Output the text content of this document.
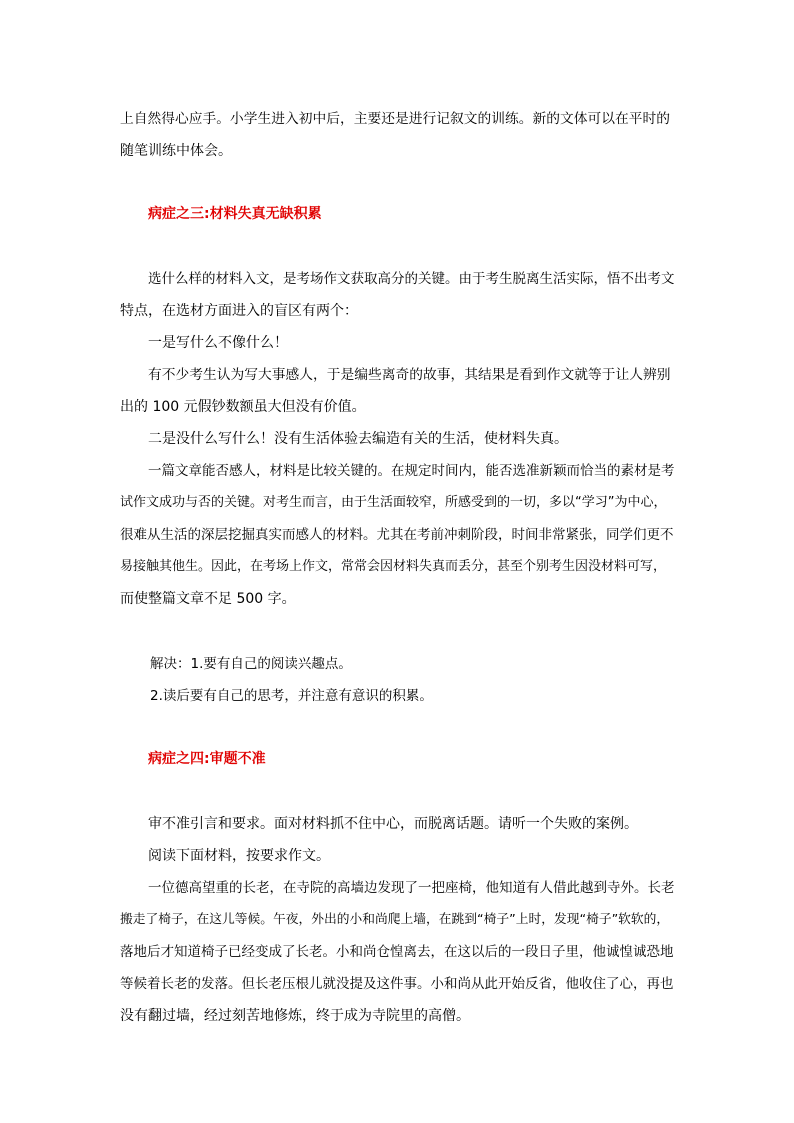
上自然得心应手。小学生进入初中后，主要还是进行记叙文的训练。新的文体可以在平时的
随笔训练中体会。
病症之三:材料失真无缺积累
选什么样的材料入文，是考场作文获取高分的关键。由于考生脱离生活实际，悟不出考文
特点，在选材方面进入的盲区有两个：
一是写什么不像什么！
有不少考生认为写大事感人，于是编些离奇的故事，其结果是看到作文就等于让人辨别
出的 100 元假钞数额虽大但没有价值。
二是没什么写什么！没有生活体验去编造有关的生活，使材料失真。
一篇文章能否感人，材料是比较关键的。在规定时间内，能否选准新颖而恰当的素材是考
试作文成功与否的关键。对考生而言，由于生活面较窄，所感受到的一切，多以“学习”为中心，
很难从生活的深层挖掘真实而感人的材料。尤其在考前冲刺阶段，时间非常紧张，同学们更不
易接触其他生。因此，在考场上作文，常常会因材料失真而丢分，甚至个别考生因没材料可写，
而使整篇文章不足 500 字。
解决：1.要有自己的阅读兴趣点。
2.读后要有自己的思考，并注意有意识的积累。
病症之四:审题不准
审不准引言和要求。面对材料抓不住中心，而脱离话题。请听一个失败的案例。
阅读下面材料，按要求作文。
一位德高望重的长老，在寺院的高墙边发现了一把座椅，他知道有人借此越到寺外。长老
搬走了椅子，在这儿等候。午夜，外出的小和尚爬上墙，在跳到“椅子”上时，发现“椅子”软软的，
落地后才知道椅子已经变成了长老。小和尚仓惶离去，在这以后的一段日子里，他诚惶诚恐地
等候着长老的发落。但长老压根儿就没提及这件事。小和尚从此开始反省，他收住了心，再也
没有翻过墙，经过刻苦地修炼，终于成为寺院里的高僧。
